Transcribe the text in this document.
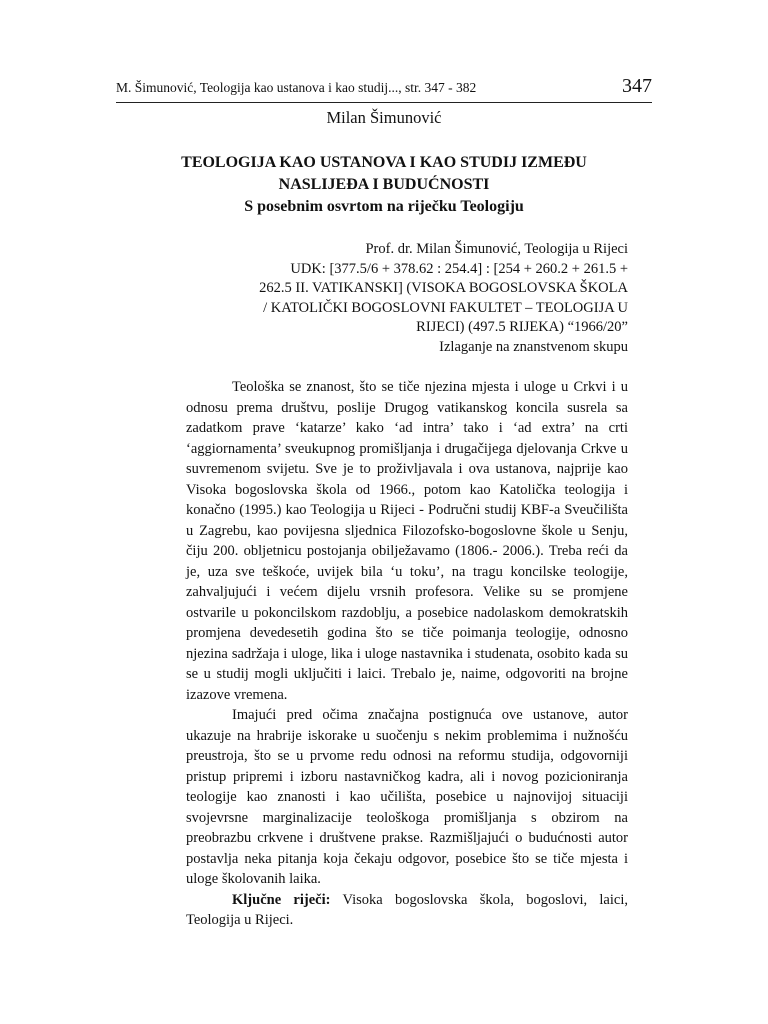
M. Šimunović, Teologija kao ustanova i kao studij..., str. 347 - 382	347
Milan Šimunović
TEOLOGIJA KAO USTANOVA I KAO STUDIJ IZMEĐU
NASLIJEĐA I BUDUĆNOSTI
S posebnim osvrtom na riječku Teologiju
Prof. dr. Milan Šimunović, Teologija u Rijeci
UDK: [377.5/6 + 378.62 : 254.4] : [254 + 260.2 + 261.5 +
262.5 II. VATIKANSKI] (VISOKA BOGOSLOVSKA ŠKOLA
/ KATOLIČKI BOGOSLOVNI FAKULTET – TEOLOGIJA U
RIJECI) (497.5 RIJEKA) “1966/20”
Izlaganje na znanstvenom skupu

Teološka se znanost, što se tiče njezina mjesta i uloge u Crkvi i u odnosu prema društvu, poslije Drugog vatikanskog koncila susrela sa zadatkom prave ‘katarze’ kako ‘ad intra’ tako i ‘ad extra’ na crti ‘aggiornamenta’ sveukupnog promišljanja i drugačijega djelovanja Crkve u suvremenom svijetu. Sve je to proživljavala i ova ustanova, najprije kao Visoka bogoslovska škola od 1966., potom kao Katolička teologija i konačno (1995.) kao Teologija u Rijeci - Područni studij KBF-a Sveučilišta u Zagrebu, kao povijesna sljednica Filozofsko-bogoslovne škole u Senju, čiju 200. obljetnicu postojanja obilježavamo (1806.- 2006.). Treba reći da je, uza sve teškoće, uvijek bila ‘u toku’, na tragu koncilske teologije, zahvaljujući i većem dijelu vrsnih profesora. Velike su se promjene ostvarile u pokoncilskom razdoblju, a posebice nadolaskom demokratskih promjena devedesetih godina što se tiče poimanja teologije, odnosno njezina sadržaja i uloge, lika i uloge nastavnika i studenata, osobito kada su se u studij mogli uključiti i laici. Trebalo je, naime, odgovoriti na brojne izazove vremena.

Imajući pred očima značajna postignuća ove ustanove, autor ukazuje na hrabrije iskorake u suočenju s nekim problemima i nužnošću preustroja, što se u prvome redu odnosi na reformu studija, odgovorniji pristup pripremi i izboru nastavničkog kadra, ali i novog pozicioniranja teologije kao znanosti i kao učilišta, posebice u najnovijoj situaciji svojevrsne marginalizacije teološkoga promišljanja s obzirom na preobrazbu crkvene i društvene prakse. Razmišljajući o budućnosti autor postavlja neka pitanja koja čekaju odgovor, posebice što se tiče mjesta i uloge školovanih laika.

Ključne riječi: Visoka bogoslovska škola, bogoslovi, laici, Teologija u Rijeci.
